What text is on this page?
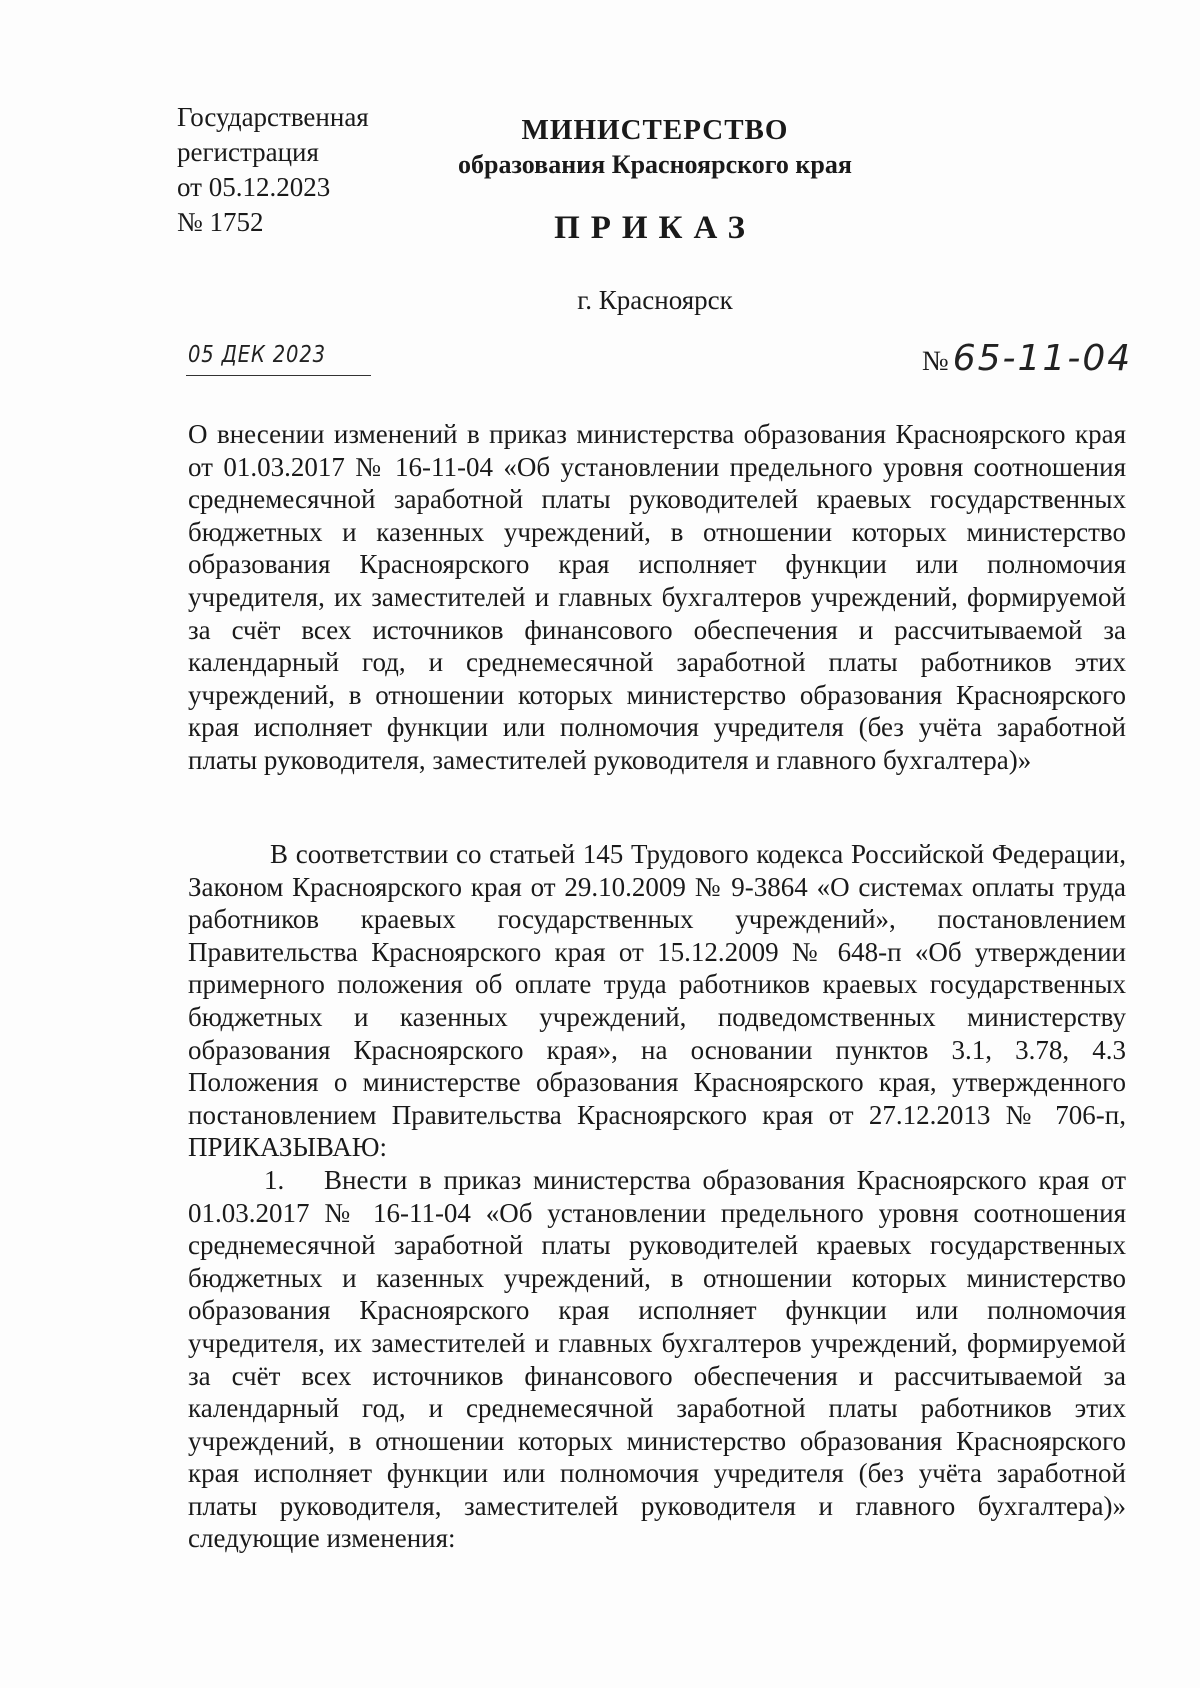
Государственная
регистрация
от 05.12.2023
№ 1752
МИНИСТЕРСТВО
образования Красноярского края
ПРИКАЗ
г. Красноярск
05 ДЕК 2023	№ 65-11-04
О внесении изменений в приказ министерства образования Красноярского края от 01.03.2017 № 16-11-04 «Об установлении предельного уровня соотношения среднемесячной заработной платы руководителей краевых государственных бюджетных и казенных учреждений, в отношении которых министерство образования Красноярского края исполняет функции или полномочия учредителя, их заместителей и главных бухгалтеров учреждений, формируемой за счёт всех источников финансового обеспечения и рассчитываемой за календарный год, и среднемесячной заработной платы работников этих учреждений, в отношении которых министерство образования Красноярского края исполняет функции или полномочия учредителя (без учёта заработной платы руководителя, заместителей руководителя и главного бухгалтера)»

В соответствии со статьей 145 Трудового кодекса Российской Федерации, Законом Красноярского края от 29.10.2009 № 9-3864 «О системах оплаты труда работников краевых государственных учреждений», постановлением Правительства Красноярского края от 15.12.2009 № 648-п «Об утверждении примерного положения об оплате труда работников краевых государственных бюджетных и казенных учреждений, подведомственных министерству образования Красноярского края», на основании пунктов 3.1, 3.78, 4.3 Положения о министерстве образования Красноярского края, утвержденного постановлением Правительства Красноярского края от 27.12.2013 № 706-п, ПРИКАЗЫВАЮ:

1. Внести в приказ министерства образования Красноярского края от 01.03.2017 № 16-11-04 «Об установлении предельного уровня соотношения среднемесячной заработной платы руководителей краевых государственных бюджетных и казенных учреждений, в отношении которых министерство образования Красноярского края исполняет функции или полномочия учредителя, их заместителей и главных бухгалтеров учреждений, формируемой за счёт всех источников финансового обеспечения и рассчитываемой за календарный год, и среднемесячной заработной платы работников этих учреждений, в отношении которых министерство образования Красноярского края исполняет функции или полномочия учредителя (без учёта заработной платы руководителя, заместителей руководителя и главного бухгалтера)» следующие изменения:
